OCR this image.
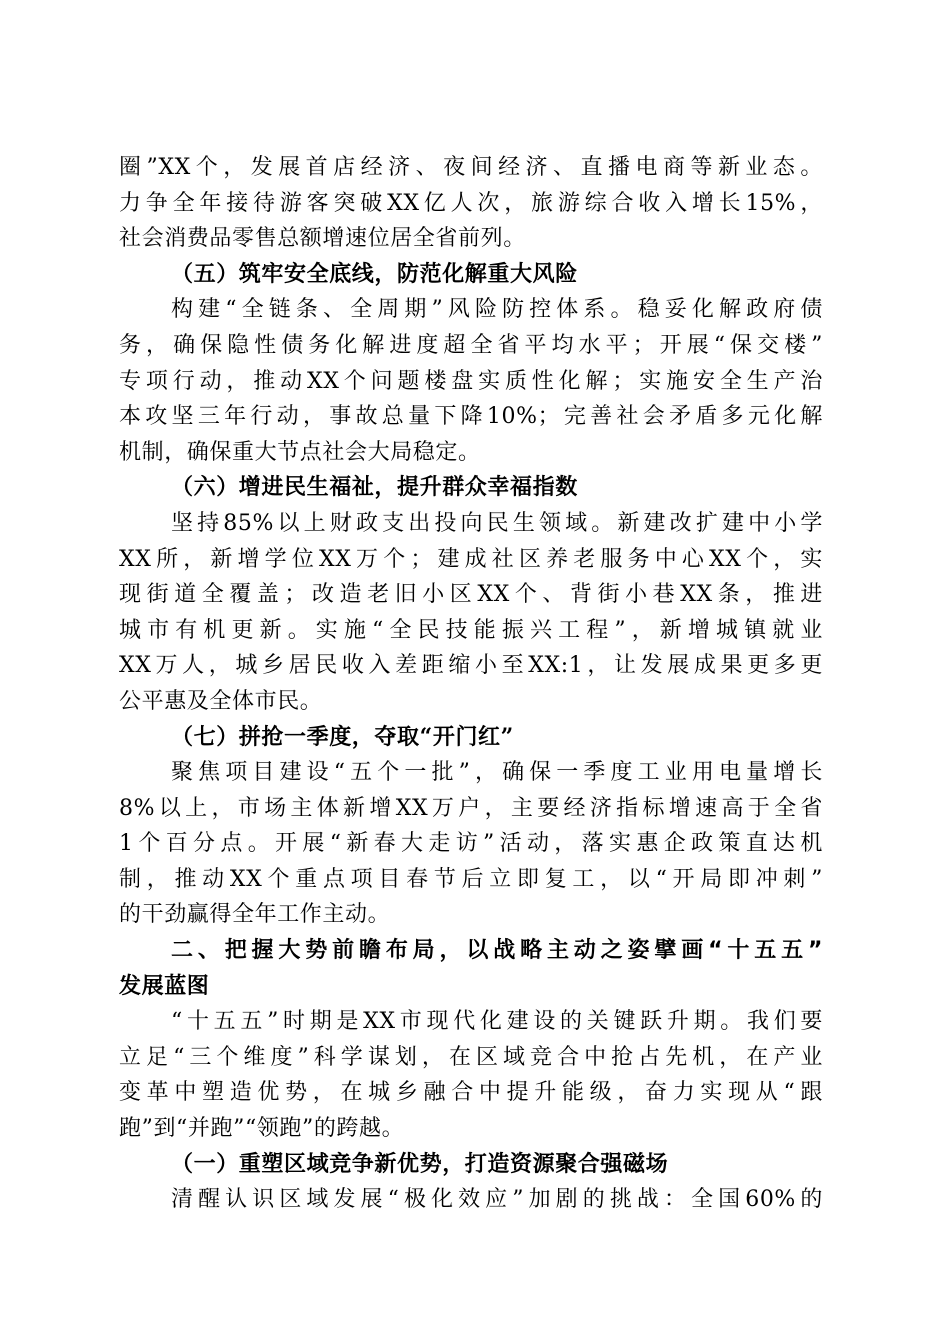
圈”XX个，发展首店经济、夜间经济、直播电商等新业态。
力争全年接待游客突破XX亿人次，旅游综合收入增长15%，
社会消费品零售总额增速位居全省前列。
（五）筑牢安全底线，防范化解重大风险
构建“全链条、全周期”风险防控体系。稳妥化解政府债
务，确保隐性债务化解进度超全省平均水平；开展“保交楼”
专项行动，推动XX个问题楼盘实质性化解；实施安全生产治
本攻坚三年行动，事故总量下降10%；完善社会矛盾多元化解
机制，确保重大节点社会大局稳定。
（六）增进民生福祉，提升群众幸福指数
坚持85%以上财政支出投向民生领域。新建改扩建中小学
XX所，新增学位XX万个；建成社区养老服务中心XX个，实
现街道全覆盖；改造老旧小区XX个、背街小巷XX条，推进
城市有机更新。实施“全民技能振兴工程”，新增城镇就业
XX万人，城乡居民收入差距缩小至XX:1，让发展成果更多更
公平惠及全体市民。
（七）拼抢一季度，夺取“开门红”
聚焦项目建设“五个一批”，确保一季度工业用电量增长
8%以上，市场主体新增XX万户，主要经济指标增速高于全省
1个百分点。开展“新春大走访”活动，落实惠企政策直达机
制，推动XX个重点项目春节后立即复工，以“开局即冲刺”
的干劲赢得全年工作主动。
二、把握大势前瞻布局，以战略主动之姿擘画“十五五”
发展蓝图
“十五五”时期是XX市现代化建设的关键跃升期。我们要
立足“三个维度”科学谋划，在区域竞合中抢占先机，在产业
变革中塑造优势，在城乡融合中提升能级，奋力实现从“跟
跑”到“并跑”“领跑”的跨越。
（一）重塑区域竞争新优势，打造资源聚合强磁场
清醒认识区域发展“极化效应”加剧的挑战：全国60%的
